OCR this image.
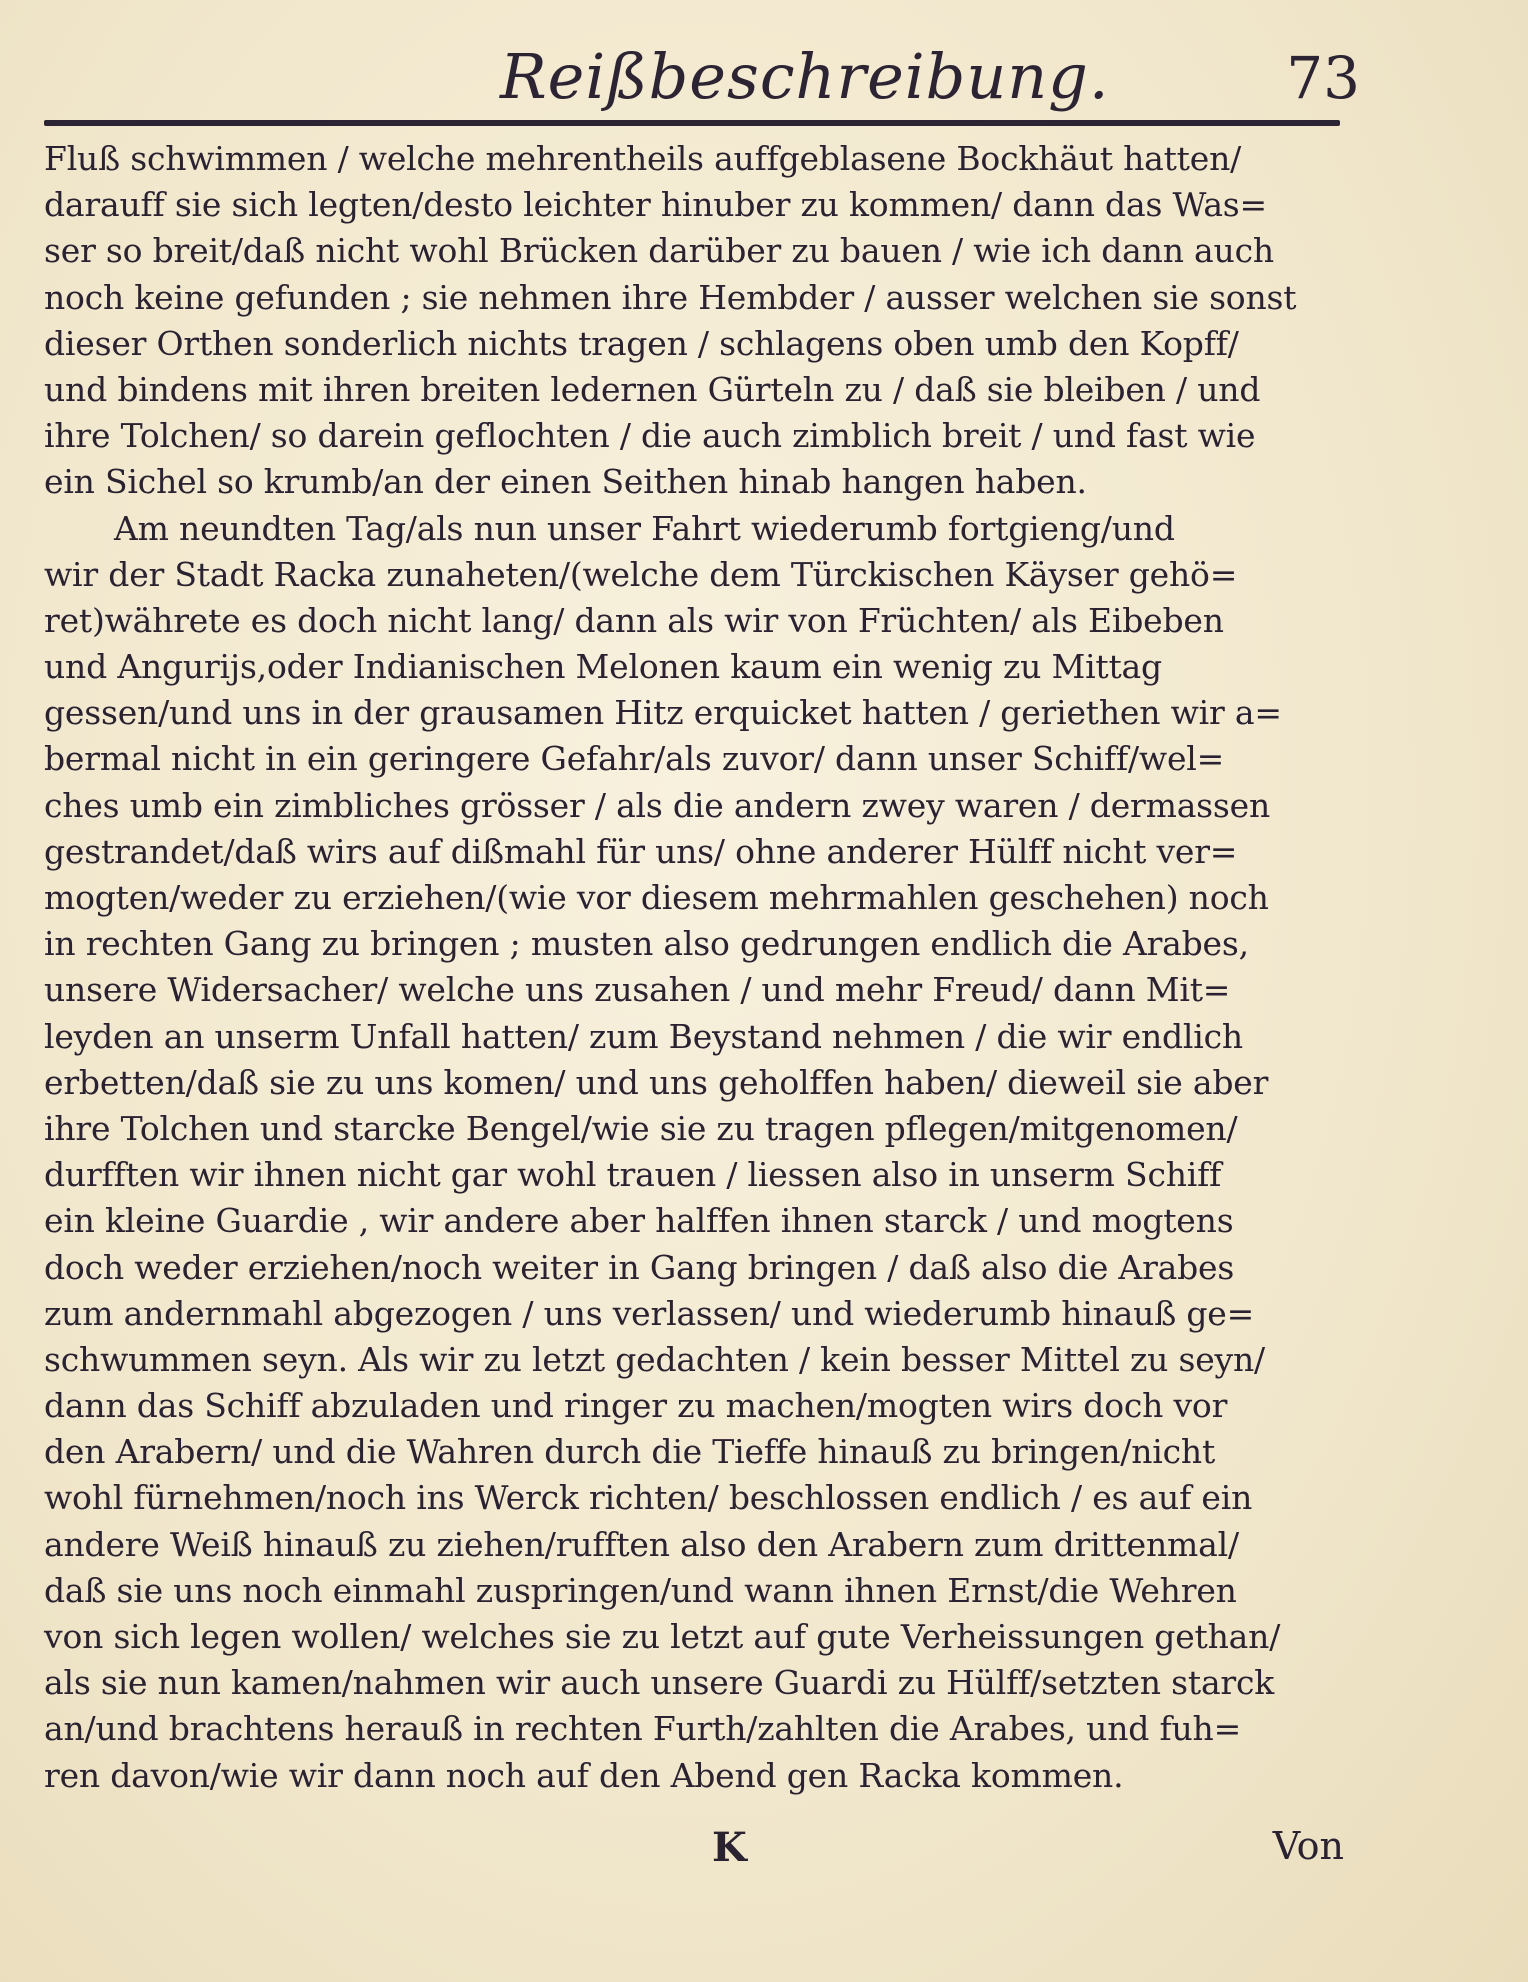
Reißbeschreibung.	73
Fluß schwimmen / welche mehrentheils auffgeblasene Bockhäut hatten/
darauff sie sich legten/desto leichter hinuber zu kommen/ dann das Was=
ser so breit/daß nicht wohl Brücken darüber zu bauen / wie ich dann auch
noch keine gefunden ; sie nehmen ihre Hembder / ausser welchen sie sonst
dieser Orthen sonderlich nichts tragen / schlagens oben umb den Kopff/
und bindens mit ihren breiten ledernen Gürteln zu / daß sie bleiben / und
ihre Tolchen/ so darein geflochten / die auch zimblich breit / und fast wie
ein Sichel so krumb/an der einen Seithen hinab hangen haben.
Am neundten Tag/als nun unser Fahrt wiederumb fortgieng/und
wir der Stadt Racka zunaheten/(welche dem Türckischen Käyser gehö=
ret)währete es doch nicht lang/ dann als wir von Früchten/ als Eibeben
und Angurijs,oder Indianischen Melonen kaum ein wenig zu Mittag
gessen/und uns in der grausamen Hitz erquicket hatten / geriethen wir a=
bermal nicht in ein geringere Gefahr/als zuvor/ dann unser Schiff/wel=
ches umb ein zimbliches grösser / als die andern zwey waren / dermassen
gestrandet/daß wirs auf dißmahl für uns/ ohne anderer Hülff nicht ver=
mogten/weder zu erziehen/(wie vor diesem mehrmahlen geschehen) noch
in rechten Gang zu bringen ; musten also gedrungen endlich die Arabes,
unsere Widersacher/ welche uns zusahen / und mehr Freud/ dann Mit=
leyden an unserm Unfall hatten/ zum Beystand nehmen / die wir endlich
erbetten/daß sie zu uns komen/ und uns geholffen haben/ dieweil sie aber
ihre Tolchen und starcke Bengel/wie sie zu tragen pflegen/mitgenomen/
durfften wir ihnen nicht gar wohl trauen / liessen also in unserm Schiff
ein kleine Guardie , wir andere aber halffen ihnen starck / und mogtens
doch weder erziehen/noch weiter in Gang bringen / daß also die Arabes
zum andernmahl abgezogen / uns verlassen/ und wiederumb hinauß ge=
schwummen seyn. Als wir zu letzt gedachten / kein besser Mittel zu seyn/
dann das Schiff abzuladen und ringer zu machen/mogten wirs doch vor
den Arabern/ und die Wahren durch die Tieffe hinauß zu bringen/nicht
wohl fürnehmen/noch ins Werck richten/ beschlossen endlich / es auf ein
andere Weiß hinauß zu ziehen/rufften also den Arabern zum drittenmal/
daß sie uns noch einmahl zuspringen/und wann ihnen Ernst/die Wehren
von sich legen wollen/ welches sie zu letzt auf gute Verheissungen gethan/
als sie nun kamen/nahmen wir auch unsere Guardi zu Hülff/setzten starck
an/und brachtens herauß in rechten Furth/zahlten die Arabes, und fuh=
ren davon/wie wir dann noch auf den Abend gen Racka kommen.
K	Von
